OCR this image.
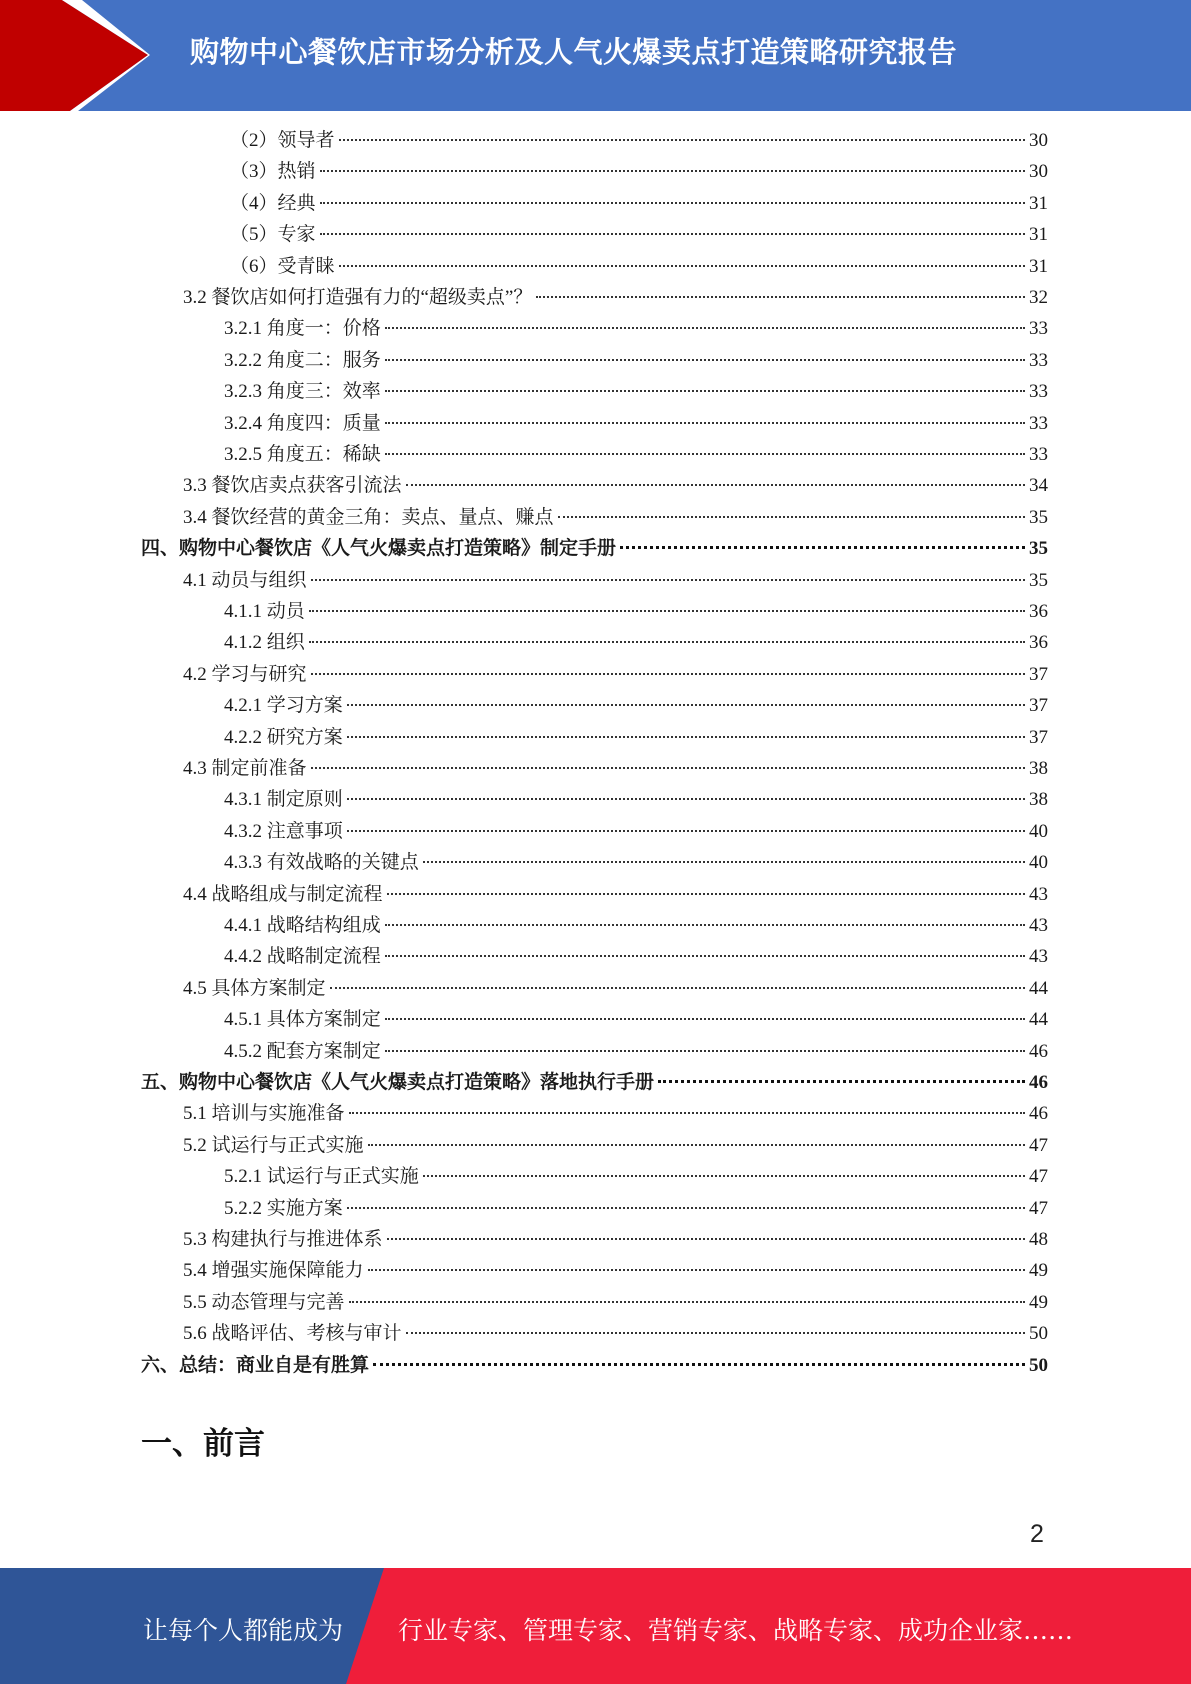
购物中心餐饮店市场分析及人气火爆卖点打造策略研究报告
（2）领导者	30
（3）热销	30
（4）经典	31
（5）专家	31
（6）受青睐	31
3.2 餐饮店如何打造强有力的“超级卖点”？	32
3.2.1 角度一：价格	33
3.2.2 角度二：服务	33
3.2.3 角度三：效率	33
3.2.4 角度四：质量	33
3.2.5 角度五：稀缺	33
3.3 餐饮店卖点获客引流法	34
3.4 餐饮经营的黄金三角：卖点、量点、赚点	35
四、购物中心餐饮店《人气火爆卖点打造策略》制定手册	35
4.1 动员与组织	35
4.1.1 动员	36
4.1.2 组织	36
4.2 学习与研究	37
4.2.1 学习方案	37
4.2.2 研究方案	37
4.3 制定前准备	38
4.3.1 制定原则	38
4.3.2 注意事项	40
4.3.3 有效战略的关键点	40
4.4 战略组成与制定流程	43
4.4.1 战略结构组成	43
4.4.2 战略制定流程	43
4.5 具体方案制定	44
4.5.1 具体方案制定	44
4.5.2 配套方案制定	46
五、购物中心餐饮店《人气火爆卖点打造策略》落地执行手册	46
5.1 培训与实施准备	46
5.2 试运行与正式实施	47
5.2.1 试运行与正式实施	47
5.2.2 实施方案	47
5.3 构建执行与推进体系	48
5.4 增强实施保障能力	49
5.5 动态管理与完善	49
5.6 战略评估、考核与审计	50
六、总结：商业自是有胜算	50
一、前言
2
让每个人都能成为 行业专家、管理专家、营销专家、战略专家、成功企业家……
